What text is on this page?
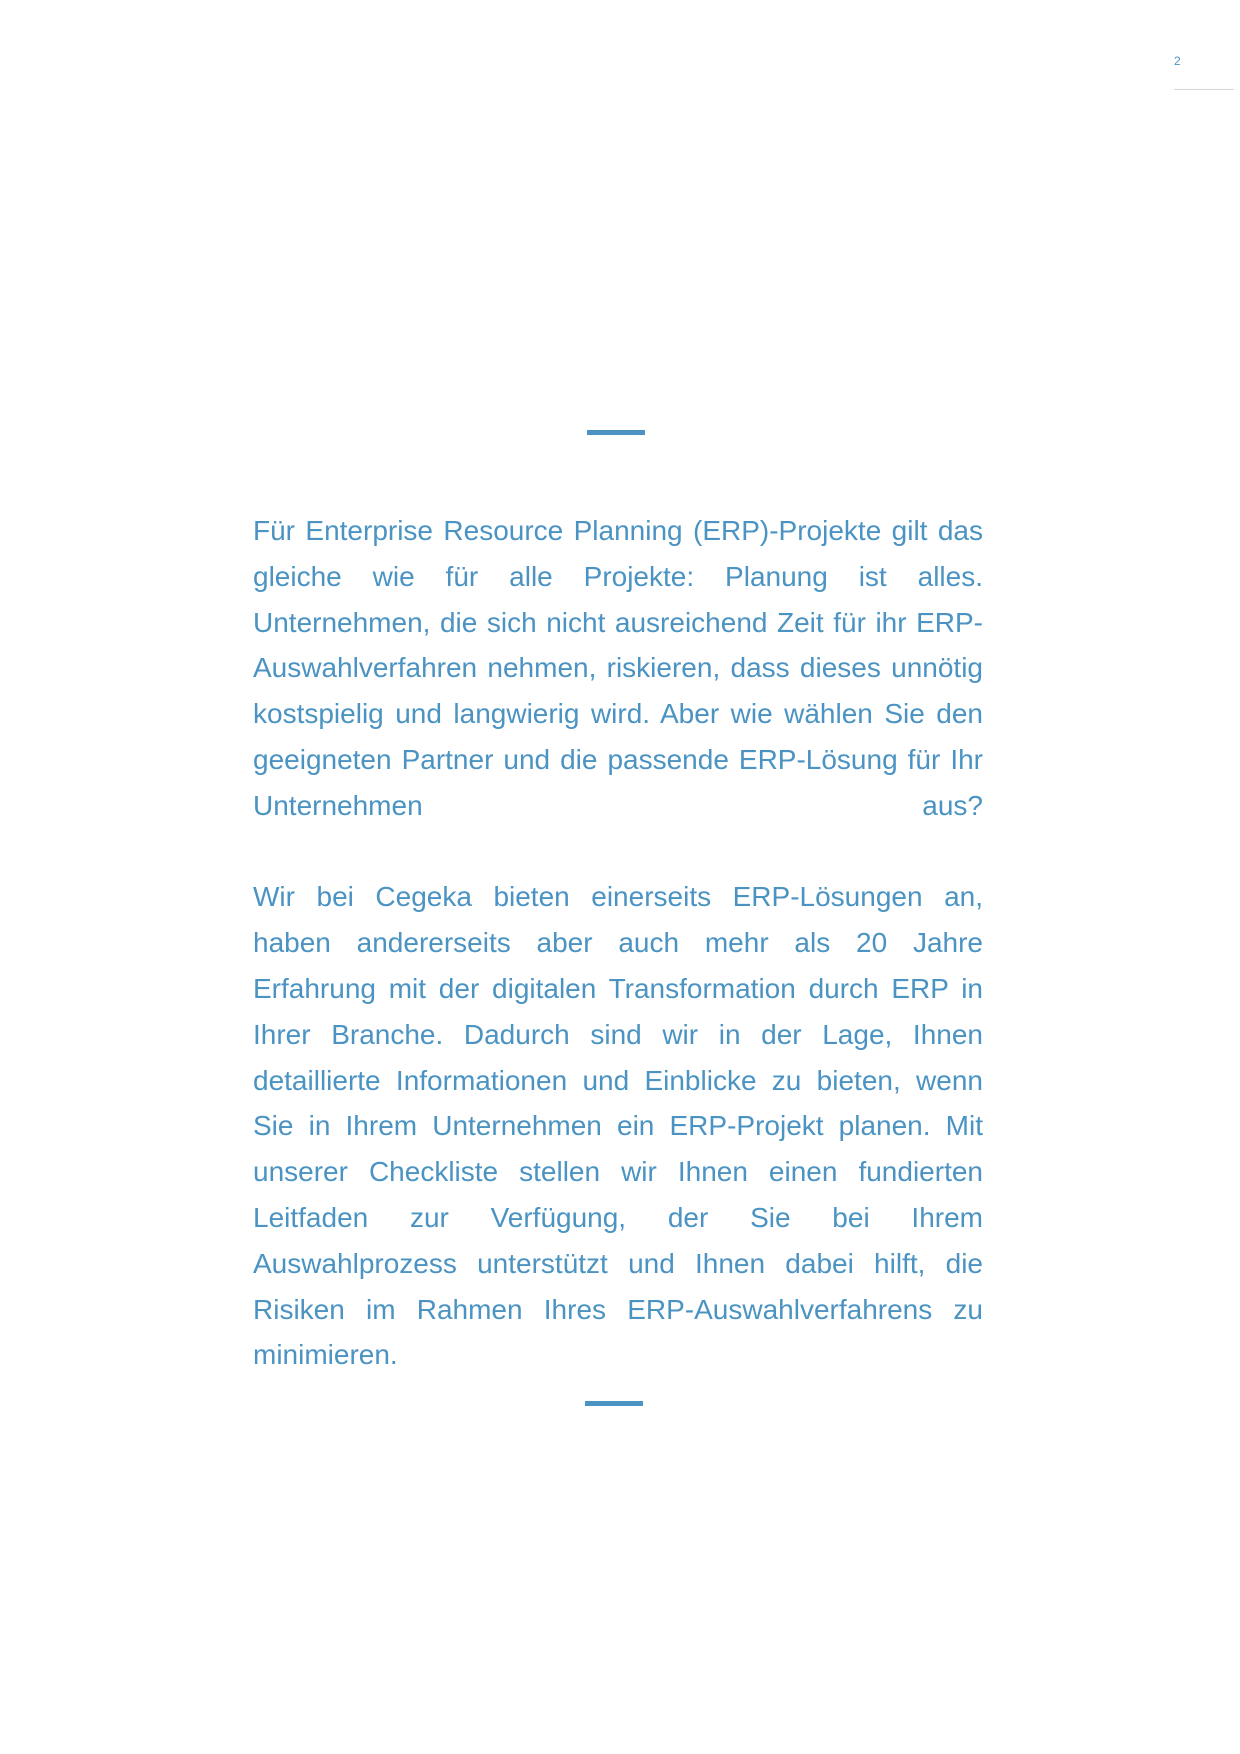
2

Für Enterprise Resource Planning (ERP)-Projekte gilt das gleiche wie für alle Projekte: Planung ist alles. Unternehmen, die sich nicht ausreichend Zeit für ihr ERP-Auswahlverfahren nehmen, riskieren, dass dieses unnötig kostspielig und langwierig wird. Aber wie wählen Sie den geeigneten Partner und die passende ERP-Lösung für Ihr Unternehmen aus?

Wir bei Cegeka bieten einerseits ERP-Lösungen an, haben andererseits aber auch mehr als 20 Jahre Erfahrung mit der digitalen Transformation durch ERP in Ihrer Branche. Dadurch sind wir in der Lage, Ihnen detaillierte Informationen und Einblicke zu bieten, wenn Sie in Ihrem Unternehmen ein ERP-Projekt planen. Mit unserer Checkliste stellen wir Ihnen einen fundierten Leitfaden zur Verfügung, der Sie bei Ihrem Auswahlprozess unterstützt und Ihnen dabei hilft, die Risiken im Rahmen Ihres ERP-Auswahlverfahrens zu minimieren.
